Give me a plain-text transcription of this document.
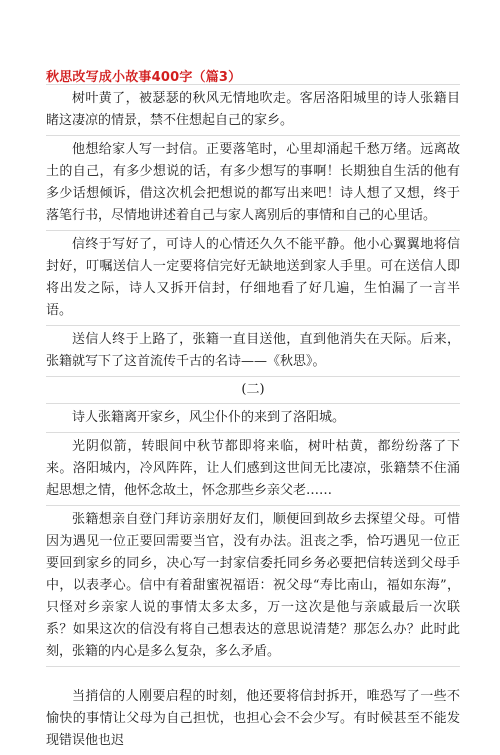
秋思改写成小故事400字（篇3）

树叶黄了，被瑟瑟的秋风无情地吹走。客居洛阳城里的诗人张籍目睹这凄凉的情景，禁不住想起自己的家乡。

他想给家人写一封信。正要落笔时，心里却涌起千愁万绪。远离故土的自己，有多少想说的话，有多少想写的事啊！长期独自生活的他有多少话想倾诉，借这次机会把想说的都写出来吧！诗人想了又想，终于落笔行书，尽情地讲述着自己与家人离别后的事情和自己的心里话。

信终于写好了，可诗人的心情还久久不能平静。他小心翼翼地将信封好，叮嘱送信人一定要将信完好无缺地送到家人手里。可在送信人即将出发之际，诗人又拆开信封，仔细地看了好几遍，生怕漏了一言半语。

送信人终于上路了，张籍一直目送他，直到他消失在天际。后来，张籍就写下了这首流传千古的名诗——《秋思》。

(二)

诗人张籍离开家乡，风尘仆仆的来到了洛阳城。

光阴似箭，转眼间中秋节都即将来临，树叶枯黄，都纷纷落了下来。洛阳城内，冷风阵阵，让人们感到这世间无比凄凉，张籍禁不住涌起思想之情，他怀念故土，怀念那些乡亲父老……

张籍想亲自登门拜访亲朋好友们，顺便回到故乡去探望父母。可惜因为遇见一位正要回需要当官，没有办法。沮丧之季，恰巧遇见一位正要回到家乡的同乡，决心写一封家信委托同乡务必要把信转送到父母手中，以表孝心。信中有着甜蜜祝福语：祝父母“寿比南山，福如东海”，只怪对乡亲家人说的事情太多太多，万一这次是他与亲戚最后一次联系？如果这次的信没有将自己想表达的意思说清楚？那怎么办？此时此刻，张籍的内心是多么复杂，多么矛盾。

当捎信的人刚要启程的时刻，他还要将信封拆开，唯恐写了一些不愉快的事情让父母为自己担忧，也担心会不会少写。有时候甚至不能发现错误他也迟
